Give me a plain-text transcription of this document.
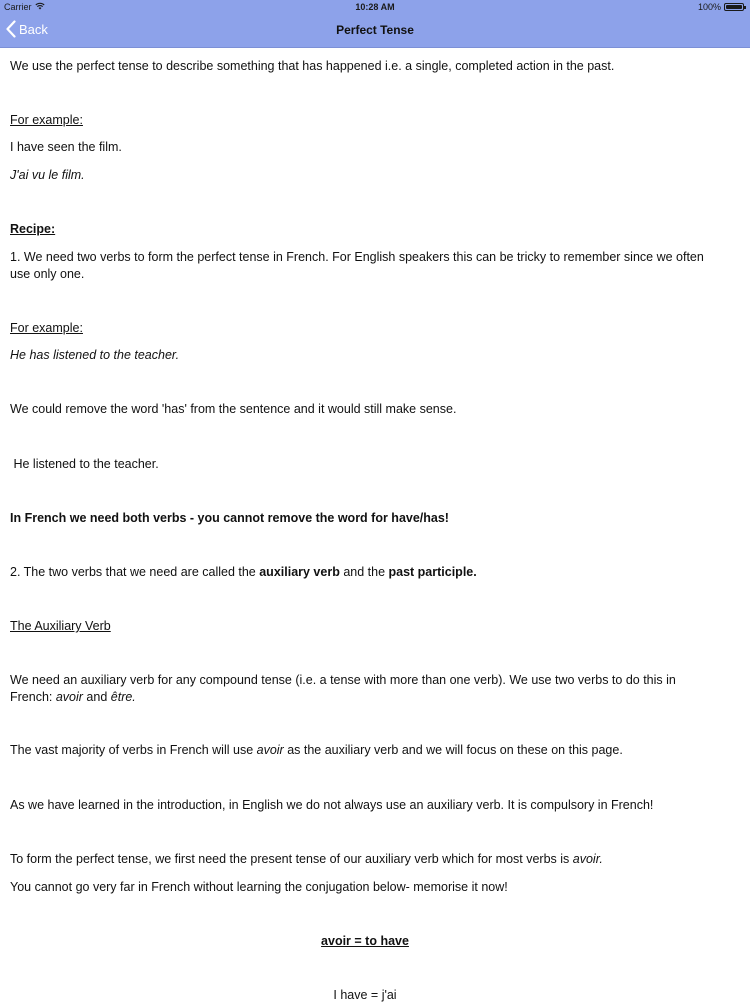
Carrier	10:28 AM	100%
Back	Perfect Tense

We use the perfect tense to describe something that has happened i.e. a single, completed action in the past.

For example:

I have seen the film.

J'ai vu le film.

Recipe:

1. We need two verbs to form the perfect tense in French. For English speakers this can be tricky to remember since we often use only one.

For example:

He has listened to the teacher.

We could remove the word 'has' from the sentence and it would still make sense.

He listened to the teacher.

In French we need both verbs - you cannot remove the word for have/has!

2. The two verbs that we need are called the auxiliary verb and the past participle.

The Auxiliary Verb

We need an auxiliary verb for any compound tense (i.e. a tense with more than one verb). We use two verbs to do this in French: avoir and être.

The vast majority of verbs in French will use avoir as the auxiliary verb and we will focus on these on this page.

As we have learned in the introduction, in English we do not always use an auxiliary verb. It is compulsory in French!

To form the perfect tense, we first need the present tense of our auxiliary verb which for most verbs is avoir.

You cannot go very far in French without learning the conjugation below- memorise it now!

avoir = to have

I have = j'ai
